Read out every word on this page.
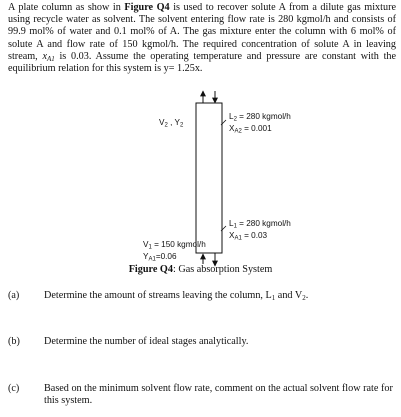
A plate column as show in Figure Q4 is used to recover solute A from a dilute gas mixture using recycle water as solvent. The solvent entering flow rate is 280 kgmol/h and consists of 99.9 mol% of water and 0.1 mol% of A. The gas mixture enter the column with 6 mol% of solute A and flow rate of 150 kgmol/h. The required concentration of solute A in leaving stream, $x_{A1}$ is 0.03. Assume the operating temperature and pressure are constant with the equilibrium relation for this system is y= 1.25x.

$V_2$ , $Y_2$
$L_2 = 280$ kgmol/h
$X_{A2} = 0.001$
$L_1 = 280$ kgmol/h
$X_{A1} = 0.03$
$V_1 = 150$ kgmol/h
$Y_{A1}=0.06$

Figure Q4: Gas absorption System

(a) Determine the amount of streams leaving the column, $L_1$ and $V_2$.
(b) Determine the number of ideal stages analytically.
(c) Based on the minimum solvent flow rate, comment on the actual solvent flow rate for this system.
